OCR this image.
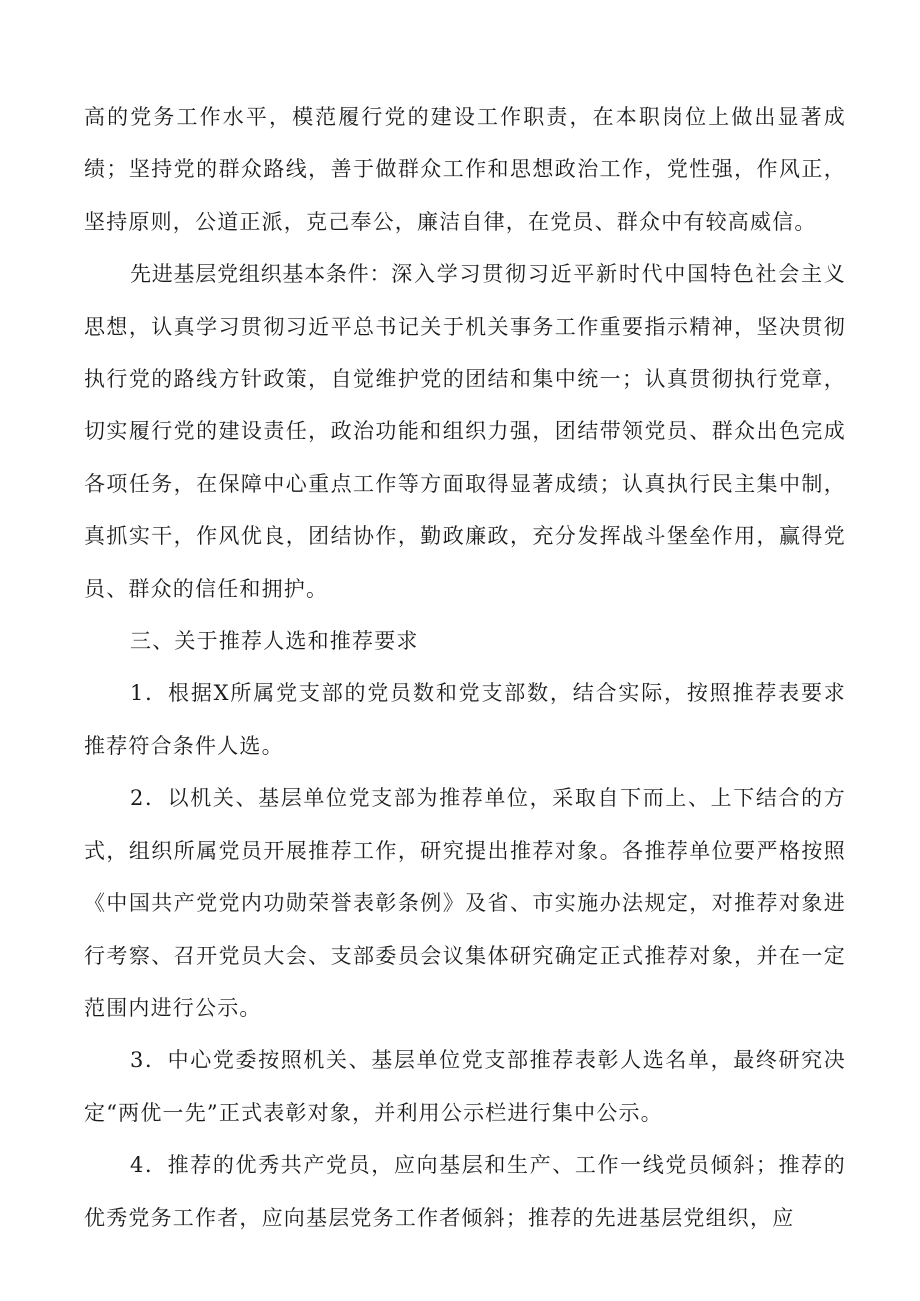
高的党务工作水平，模范履行党的建设工作职责，在本职岗位上做出显著成绩；坚持党的群众路线，善于做群众工作和思想政治工作，党性强，作风正，坚持原则，公道正派，克己奉公，廉洁自律，在党员、群众中有较高威信。

先进基层党组织基本条件：深入学习贯彻习近平新时代中国特色社会主义思想，认真学习贯彻习近平总书记关于机关事务工作重要指示精神，坚决贯彻执行党的路线方针政策，自觉维护党的团结和集中统一；认真贯彻执行党章，切实履行党的建设责任，政治功能和组织力强，团结带领党员、群众出色完成各项任务，在保障中心重点工作等方面取得显著成绩；认真执行民主集中制，真抓实干，作风优良，团结协作，勤政廉政，充分发挥战斗堡垒作用，赢得党员、群众的信任和拥护。

三、关于推荐人选和推荐要求

1．根据X所属党支部的党员数和党支部数，结合实际，按照推荐表要求推荐符合条件人选。

2．以机关、基层单位党支部为推荐单位，采取自下而上、上下结合的方式，组织所属党员开展推荐工作，研究提出推荐对象。各推荐单位要严格按照《中国共产党党内功勋荣誉表彰条例》及省、市实施办法规定，对推荐对象进行考察、召开党员大会、支部委员会议集体研究确定正式推荐对象，并在一定范围内进行公示。

3．中心党委按照机关、基层单位党支部推荐表彰人选名单，最终研究决定“两优一先”正式表彰对象，并利用公示栏进行集中公示。

4．推荐的优秀共产党员，应向基层和生产、工作一线党员倾斜；推荐的优秀党务工作者，应向基层党务工作者倾斜；推荐的先进基层党组织，应
